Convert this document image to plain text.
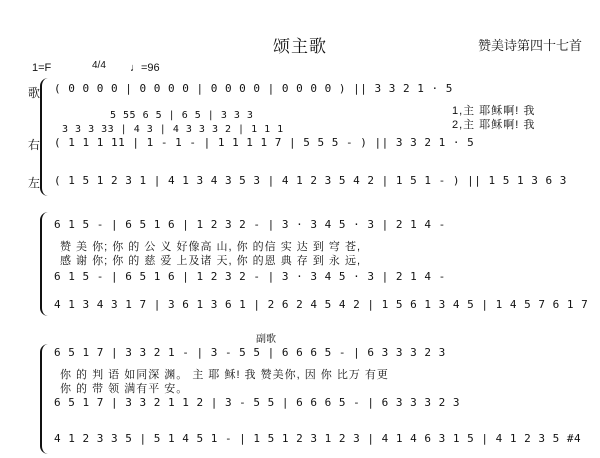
颂主歌	赞美诗第四十七首
1=F	4/4 ♩=96
歌
右
左
( 0 0 0 0 | 0 0 0 0 | 0 0 0 0 | 0 0 0 0 ) || 3 3 2 1 · 5
1,主 耶稣啊! 我
2,主 耶稣啊! 我
5 55 6 5 | 6 5 | 3 3 3
3 3 3 33 | 4 3 | 4 3 3 3 2 | 1 1 1
( 1 1 1 11 | 1 - 1 - | 1 1 1 1 7 | 5 5 5 - ) || 3 3 2 1 · 5
( 1 5 1 2 3 1 | 4 1 3 4 3 5 3 | 4 1 2 3 5 4 2 | 1 5 1 - ) || 1 5 1 3 6 3
6 1 5 - | 6 5 1 6 | 1 2 3 2 - | 3 · 3 4 5 · 3 | 2 1 4 -
赞 美 你; 你 的 公 义 好像高 山, 你 的信 实 达 到 穹 苍,
感 谢 你; 你 的 慈 爱 上及诸 天, 你 的恩 典 存 到 永 远,
6 1 5 - | 6 5 1 6 | 1 2 3 2 - | 3 · 3 4 5 · 3 | 2 1 4 -
4 1 3 4 3 1 7 | 3 6 1 3 6 1 | 2 6 2 4 5 4 2 | 1 5 6 1 3 4 5 | 1 4 5 7 6 1 7
副歌
6 5 1 7 | 3 3 2 1 - | 3 - 5 5 | 6 6 6 5 - | 6 3 3 3 2 3
你 的 判 语 如同深 渊。 主 耶 稣! 我 赞美你, 因 你 比万 有更
你 的 带 领 满有平 安。
6 5 1 7 | 3 3 2 1 1 2 | 3 - 5 5 | 6 6 6 5 - | 6 3 3 3 2 3
4 1 2 3 3 5 | 5 1 4 5 1 - | 1 5 1 2 3 1 2 3 | 4 1 4 6 3 1 5 | 4 1 2 3 5 #4
